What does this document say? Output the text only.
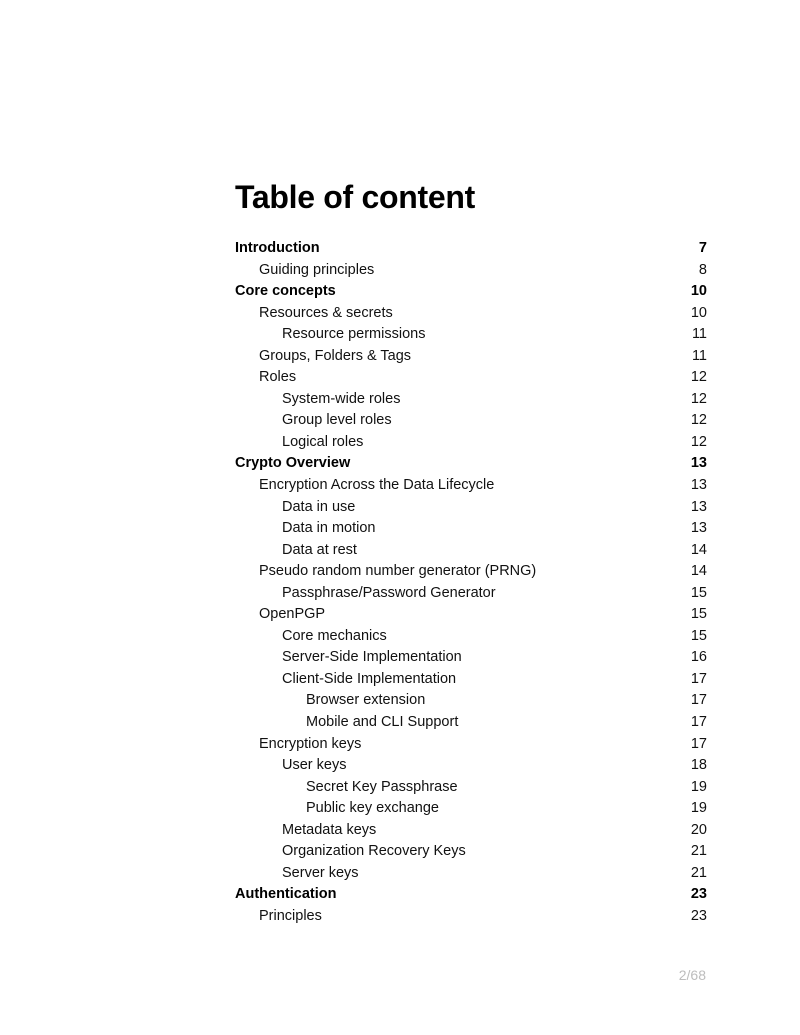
Table of content
Introduction	7
Guiding principles	8
Core concepts	10
Resources & secrets	10
Resource permissions	11
Groups, Folders & Tags	11
Roles	12
System-wide roles	12
Group level roles	12
Logical roles	12
Crypto Overview	13
Encryption Across the Data Lifecycle	13
Data in use	13
Data in motion	13
Data at rest	14
Pseudo random number generator (PRNG)	14
Passphrase/Password Generator	15
OpenPGP	15
Core mechanics	15
Server-Side Implementation	16
Client-Side Implementation	17
Browser extension	17
Mobile and CLI Support	17
Encryption keys	17
User keys	18
Secret Key Passphrase	19
Public key exchange	19
Metadata keys	20
Organization Recovery Keys	21
Server keys	21
Authentication	23
Principles	23
2/68
